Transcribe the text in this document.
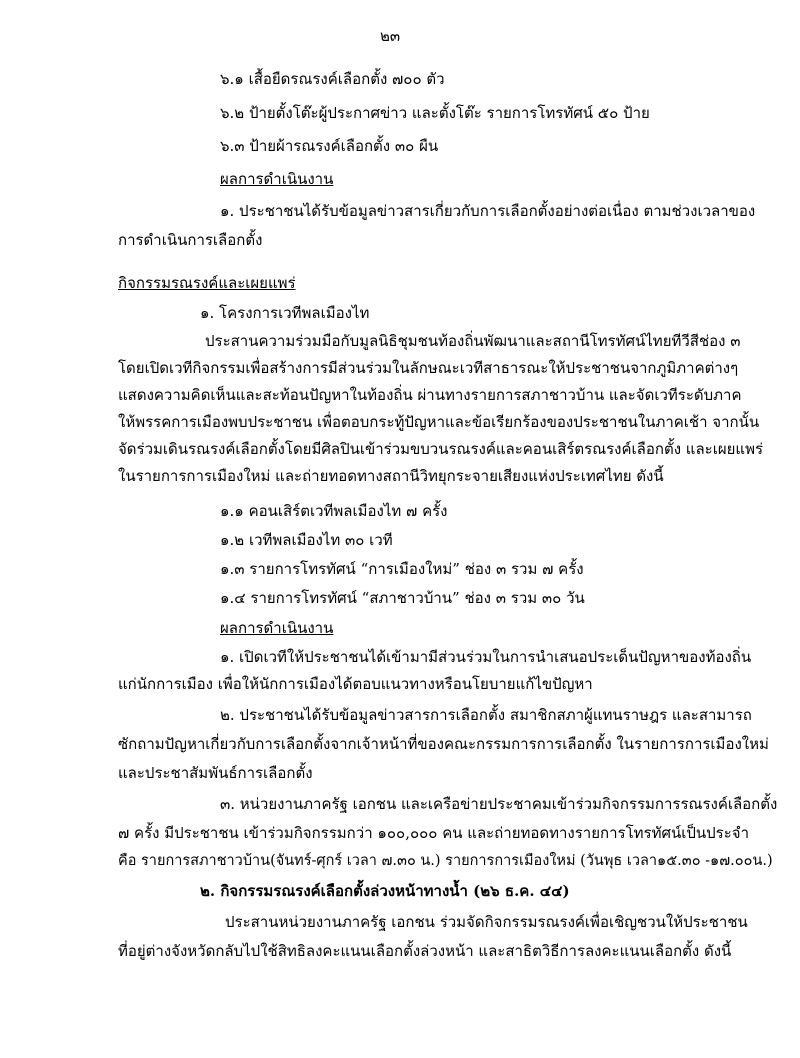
๒๓
๖.๑ เสื้อยืดรณรงค์เลือกตั้ง ๗๐๐ ตัว
๖.๒ ป้ายตั้งโต๊ะผู้ประกาศข่าว และตั้งโต๊ะ รายการโทรทัศน์ ๕๐ ป้าย
๖.๓ ป้ายผ้ารณรงค์เลือกตั้ง ๓๐ ผืน
ผลการดำเนินงาน
๑. ประชาชนได้รับข้อมูลข่าวสารเกี่ยวกับการเลือกตั้งอย่างต่อเนื่อง ตามช่วงเวลาของ
การดำเนินการเลือกตั้ง
กิจกรรมรณรงค์และเผยแพร่
๑. โครงการเวทีพลเมืองไท
ประสานความร่วมมือกับมูลนิธิชุมชนท้องถิ่นพัฒนาและสถานีโทรทัศน์ไทยทีวีสีช่อง ๓
โดยเปิดเวทีกิจกรรมเพื่อสร้างการมีส่วนร่วมในลักษณะเวทีสาธารณะให้ประชาชนจากภูมิภาคต่างๆ
แสดงความคิดเห็นและสะท้อนปัญหาในท้องถิ่น ผ่านทางรายการสภาชาวบ้าน และจัดเวทีระดับภาค
ให้พรรคการเมืองพบประชาชน เพื่อตอบกระทู้ปัญหาและข้อเรียกร้องของประชาชนในภาคเช้า จากนั้น
จัดร่วมเดินรณรงค์เลือกตั้งโดยมีศิลปินเข้าร่วมขบวนรณรงค์และคอนเสิร์ตรณรงค์เลือกตั้ง และเผยแพร่
ในรายการการเมืองใหม่ และถ่ายทอดทางสถานีวิทยุกระจายเสียงแห่งประเทศไทย ดังนี้
๑.๑ คอนเสิร์ตเวทีพลเมืองไท ๗ ครั้ง
๑.๒ เวทีพลเมืองไท ๓๐ เวที
๑.๓ รายการโทรทัศน์ “การเมืองใหม่” ช่อง ๓ รวม ๗ ครั้ง
๑.๔ รายการโทรทัศน์ “สภาชาวบ้าน” ช่อง ๓ รวม ๓๐ วัน
ผลการดำเนินงาน
๑. เปิดเวทีให้ประชาชนได้เข้ามามีส่วนร่วมในการนำเสนอประเด็นปัญหาของท้องถิ่น
แก่นักการเมือง เพื่อให้นักการเมืองได้ตอบแนวทางหรือนโยบายแก้ไขปัญหา
๒. ประชาชนได้รับข้อมูลข่าวสารการเลือกตั้ง สมาชิกสภาผู้แทนราษฎร และสามารถ
ซักถามปัญหาเกี่ยวกับการเลือกตั้งจากเจ้าหน้าที่ของคณะกรรมการการเลือกตั้ง ในรายการการเมืองใหม่
และประชาสัมพันธ์การเลือกตั้ง
๓. หน่วยงานภาครัฐ เอกชน และเครือข่ายประชาคมเข้าร่วมกิจกรรมการรณรงค์เลือกตั้ง
๗ ครั้ง มีประชาชน เข้าร่วมกิจกรรมกว่า ๑๐๐,๐๐๐ คน และถ่ายทอดทางรายการโทรทัศน์เป็นประจำ
คือ รายการสภาชาวบ้าน(จันทร์-ศุกร์ เวลา ๗.๓๐ น.) รายการการเมืองใหม่ (วันพุธ เวลา๑๕.๓๐ -๑๗.๐๐น.)
๒. กิจกรรมรณรงค์เลือกตั้งล่วงหน้าทางน้ำ (๒๖ ธ.ค. ๔๔)
ประสานหน่วยงานภาครัฐ เอกชน ร่วมจัดกิจกรรมรณรงค์เพื่อเชิญชวนให้ประชาชน
ที่อยู่ต่างจังหวัดกลับไปใช้สิทธิลงคะแนนเลือกตั้งล่วงหน้า และสาธิตวิธีการลงคะแนนเลือกตั้ง ดังนี้
